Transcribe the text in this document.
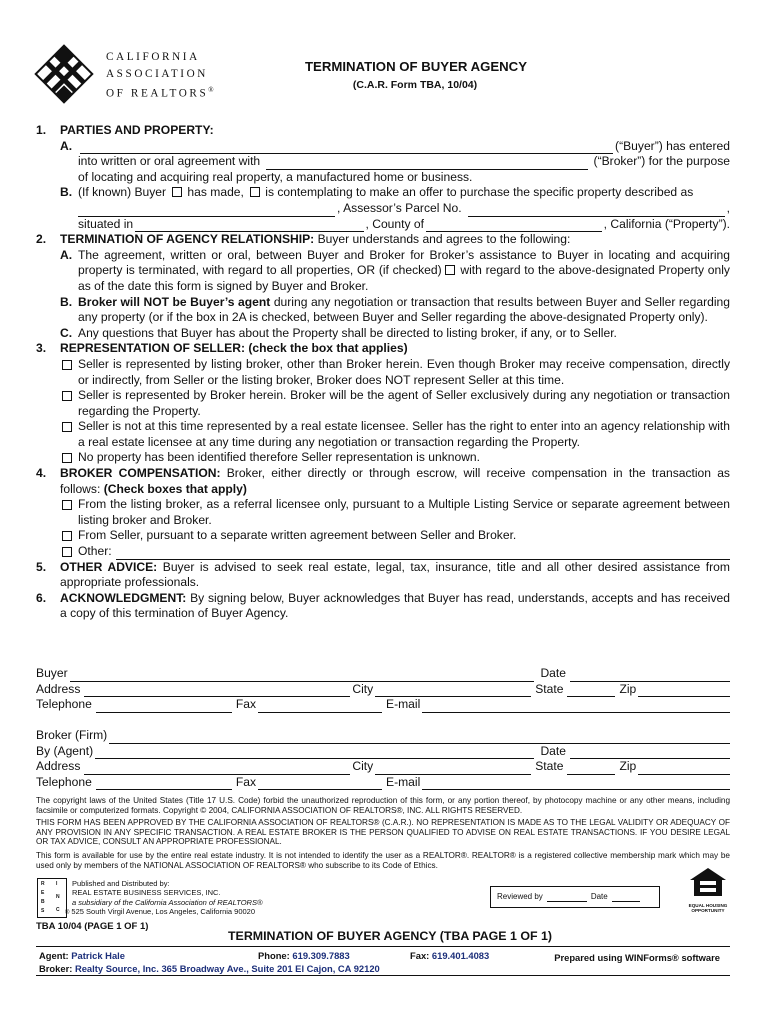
CALIFORNIA
ASSOCIATION
OF REALTORS®
TERMINATION OF BUYER AGENCY
(C.A.R. Form TBA, 10/04)
1. PARTIES AND PROPERTY:
A.	(“Buyer”) has entered
into written or oral agreement with	(“Broker”) for the purpose
of locating and acquiring real property, a manufactured home or business.
B. (If known) Buyer has made, is contemplating to make an offer to purchase the specific property described as
, Assessor’s Parcel No.	,
situated in	, County of	, California (“Property”).
2. TERMINATION OF AGENCY RELATIONSHIP: Buyer understands and agrees to the following:
A. The agreement, written or oral, between Buyer and Broker for Broker’s assistance to Buyer in locating and acquiring property is terminated, with regard to all properties, OR (if checked) with regard to the above-designated Property only as of the date this form is signed by Buyer and Broker.
B. Broker will NOT be Buyer’s agent during any negotiation or transaction that results between Buyer and Seller regarding any property (or if the box in 2A is checked, between Buyer and Seller regarding the above-designated Property only).
C. Any questions that Buyer has about the Property shall be directed to listing broker, if any, or to Seller.
3. REPRESENTATION OF SELLER: (check the box that applies)
Seller is represented by listing broker, other than Broker herein. Even though Broker may receive compensation, directly or indirectly, from Seller or the listing broker, Broker does NOT represent Seller at this time.
Seller is represented by Broker herein. Broker will be the agent of Seller exclusively during any negotiation or transaction regarding the Property.
Seller is not at this time represented by a real estate licensee. Seller has the right to enter into an agency relationship with a real estate licensee at any time during any negotiation or transaction regarding the Property.
No property has been identified therefore Seller representation is unknown.
4. BROKER COMPENSATION: Broker, either directly or through escrow, will receive compensation in the transaction as follows: (Check boxes that apply)
From the listing broker, as a referral licensee only, pursuant to a Multiple Listing Service or separate agreement between listing broker and Broker.
From Seller, pursuant to a separate written agreement between Seller and Broker.
Other:
5. OTHER ADVICE: Buyer is advised to seek real estate, legal, tax, insurance, title and all other desired assistance from appropriate professionals.
6. ACKNOWLEDGMENT: By signing below, Buyer acknowledges that Buyer has read, understands, accepts and has received a copy of this termination of Buyer Agency.
Buyer	Date
Address	City	State	Zip
Telephone	Fax	E-mail
Broker (Firm)
By (Agent)	Date
Address	City	State	Zip
Telephone	Fax	E-mail
The copyright laws of the United States (Title 17 U.S. Code) forbid the unauthorized reproduction of this form, or any portion thereof, by photocopy machine or any other means, including facsimile or computerized formats. Copyright © 2004, CALIFORNIA ASSOCIATION OF REALTORS®, INC. ALL RIGHTS RESERVED.
THIS FORM HAS BEEN APPROVED BY THE CALIFORNIA ASSOCIATION OF REALTORS® (C.A.R.). NO REPRESENTATION IS MADE AS TO THE LEGAL VALIDITY OR ADEQUACY OF ANY PROVISION IN ANY SPECIFIC TRANSACTION. A REAL ESTATE BROKER IS THE PERSON QUALIFIED TO ADVISE ON REAL ESTATE TRANSACTIONS. IF YOU DESIRE LEGAL OR TAX ADVICE, CONSULT AN APPROPRIATE PROFESSIONAL.
This form is available for use by the entire real estate industry. It is not intended to identify the user as a REALTOR®. REALTOR® is a registered collective membership mark which may be used only by members of the NATIONAL ASSOCIATION OF REALTORS® who subscribe to its Code of Ethics.
R
E
B
S
I
N
C
Published and Distributed by:
REAL ESTATE BUSINESS SERVICES, INC.
a subsidiary of the California Association of REALTORS®
® 525 South Virgil Avenue, Los Angeles, California 90020
Reviewed by	Date
EQUAL HOUSING
OPPORTUNITY
TBA 10/04 (PAGE 1 OF 1)
TERMINATION OF BUYER AGENCY (TBA PAGE 1 OF 1)
Agent: Patrick Hale	Phone: 619.309.7883	Fax: 619.401.4083	Prepared using WINForms® software
Broker: Realty Source, Inc. 365 Broadway Ave., Suite 201 El Cajon, CA 92120
